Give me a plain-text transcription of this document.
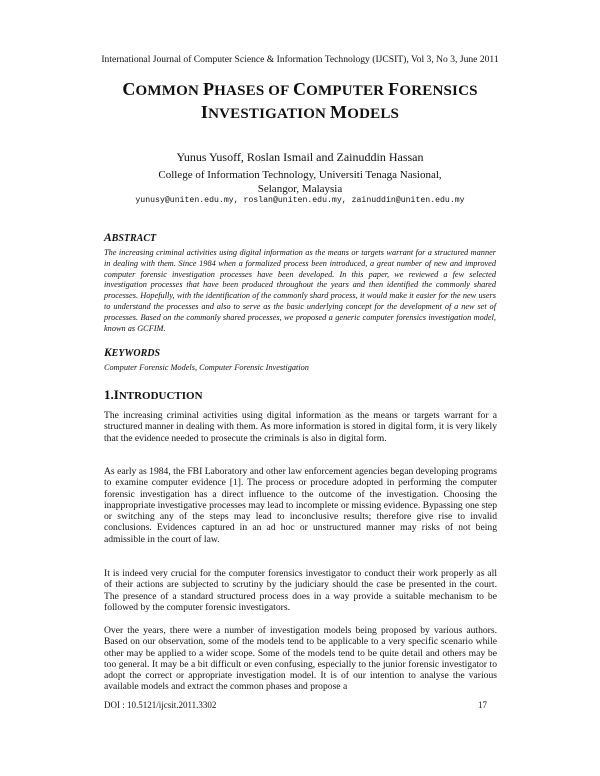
International Journal of Computer Science & Information Technology (IJCSIT), Vol 3, No 3, June 2011
COMMON PHASES OF COMPUTER FORENSICS
INVESTIGATION MODELS
Yunus Yusoff, Roslan Ismail and Zainuddin Hassan
College of Information Technology, Universiti Tenaga Nasional,
Selangor, Malaysia
yunusy@uniten.edu.my, roslan@uniten.edu.my, zainuddin@uniten.edu.my
ABSTRACT
The increasing criminal activities using digital information as the means or targets warrant for a structured manner in dealing with them. Since 1984 when a formalized process been introduced, a great number of new and improved computer forensic investigation processes have been developed. In this paper, we reviewed a few selected investigation processes that have been produced throughout the years and then identified the commonly shared processes. Hopefully, with the identification of the commonly shard process, it would make it easier for the new users to understand the processes and also to serve as the basic underlying concept for the development of a new set of processes. Based on the commonly shared processes, we proposed a generic computer forensics investigation model, known as GCFIM.
KEYWORDS
Computer Forensic Models, Computer Forensic Investigation
1.INTRODUCTION
The increasing criminal activities using digital information as the means or targets warrant for a structured manner in dealing with them. As more information is stored in digital form, it is very likely that the evidence needed to prosecute the criminals is also in digital form.
As early as 1984, the FBI Laboratory and other law enforcement agencies began developing programs to examine computer evidence [1]. The process or procedure adopted in performing the computer forensic investigation has a direct influence to the outcome of the investigation. Choosing the inappropriate investigative processes may lead to incomplete or missing evidence. Bypassing one step or switching any of the steps may lead to inconclusive results; therefore give rise to invalid conclusions. Evidences captured in an ad hoc or unstructured manner may risks of not being admissible in the court of law.
It is indeed very crucial for the computer forensics investigator to conduct their work properly as all of their actions are subjected to scrutiny by the judiciary should the case be presented in the court. The presence of a standard structured process does in a way provide a suitable mechanism to be followed by the computer forensic investigators.
Over the years, there were a number of investigation models being proposed by various authors. Based on our observation, some of the models tend to be applicable to a very specific scenario while other may be applied to a wider scope. Some of the models tend to be quite detail and others may be too general. It may be a bit difficult or even confusing, especially to the junior forensic investigator to adopt the correct or appropriate investigation model. It is of our intention to analyse the various available models and extract the common phases and propose a
DOI : 10.5121/ijcsit.2011.3302	17
